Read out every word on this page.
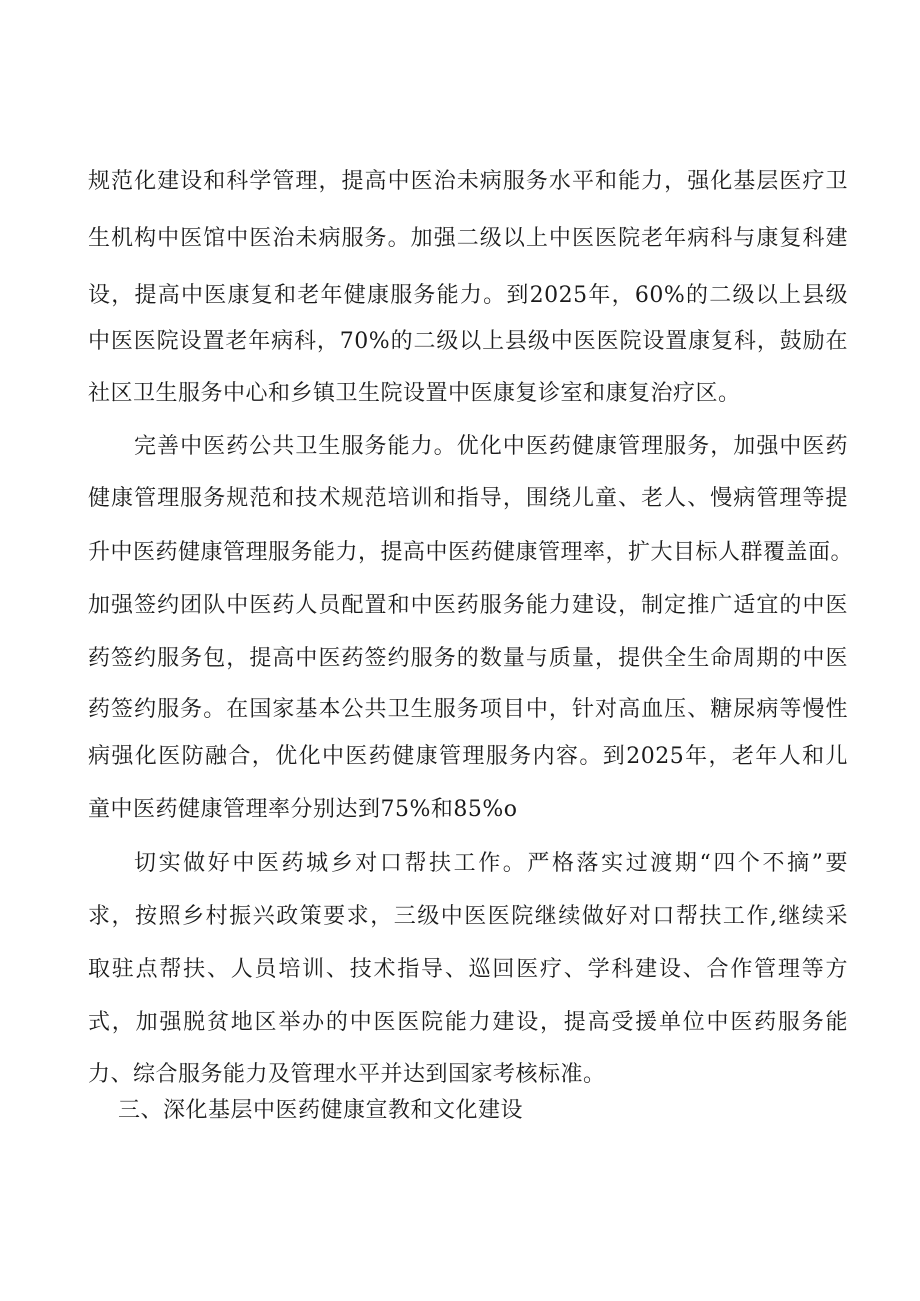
规范化建设和科学管理，提高中医治未病服务水平和能力，强化基层医疗卫
生机构中医馆中医治未病服务。加强二级以上中医医院老年病科与康复科建
设，提高中医康复和老年健康服务能力。到2025年，60%的二级以上县级
中医医院设置老年病科，70%的二级以上县级中医医院设置康复科，鼓励在
社区卫生服务中心和乡镇卫生院设置中医康复诊室和康复治疗区。
完善中医药公共卫生服务能力。优化中医药健康管理服务，加强中医药
健康管理服务规范和技术规范培训和指导，围绕儿童、老人、慢病管理等提
升中医药健康管理服务能力，提高中医药健康管理率，扩大目标人群覆盖面。
加强签约团队中医药人员配置和中医药服务能力建设，制定推广适宜的中医
药签约服务包，提高中医药签约服务的数量与质量，提供全生命周期的中医
药签约服务。在国家基本公共卫生服务项目中，针对高血压、糖尿病等慢性
病强化医防融合，优化中医药健康管理服务内容。到2025年，老年人和儿
童中医药健康管理率分别达到75%和85%o
切实做好中医药城乡对口帮扶工作。严格落实过渡期“四个不摘”要
求，按照乡村振兴政策要求，三级中医医院继续做好对口帮扶工作,继续采
取驻点帮扶、人员培训、技术指导、巡回医疗、学科建设、合作管理等方
式，加强脱贫地区举办的中医医院能力建设，提高受援单位中医药服务能
力、综合服务能力及管理水平并达到国家考核标准。
三、深化基层中医药健康宣教和文化建设
